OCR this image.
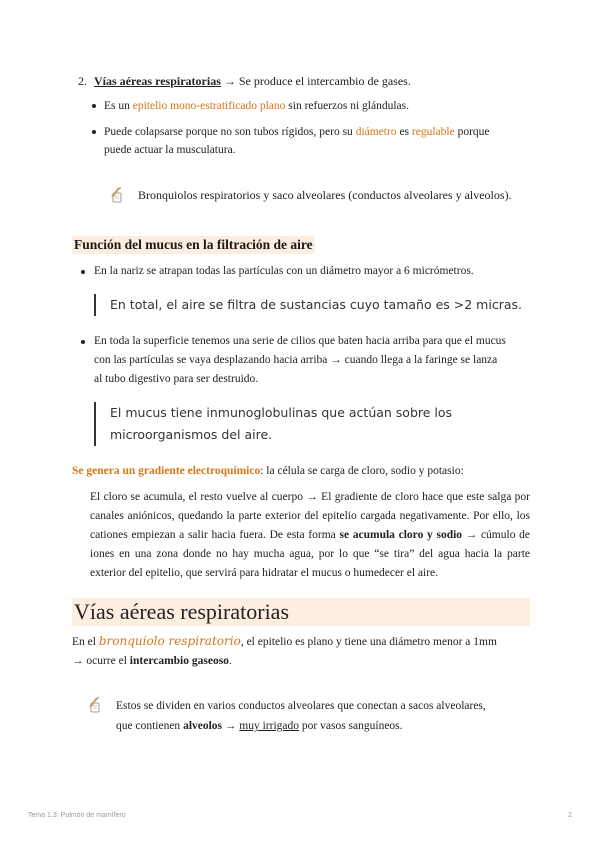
2. Vías aéreas respiratorias → Se produce el intercambio de gases.
Es un epitelio mono-estratificado plano sin refuerzos ni glándulas.
Puede colapsarse porque no son tubos rígidos, pero su diámetro es regulable porque
puede actuar la musculatura.
Bronquiolos respiratorios y saco alveolares (conductos alveolares y alveolos).
Función del mucus en la filtración de aire
En la nariz se atrapan todas las partículas con un diámetro mayor a 6 micrómetros.
En total, el aire se filtra de sustancias cuyo tamaño es >2 micras.
En toda la superficie tenemos una serie de cilios que baten hacia arriba para que el mucus
con las partículas se vaya desplazando hacia arriba → cuando llega a la faringe se lanza
al tubo digestivo para ser destruido.
El mucus tiene inmunoglobulinas que actúan sobre los
microorganismos del aire.
Se genera un gradiente electroquímico: la célula se carga de cloro, sodio y potasio:
El cloro se acumula, el resto vuelve al cuerpo → El gradiente de cloro hace que este salga por canales aniónicos, quedando la parte exterior del epitelio cargada negativamente. Por ello, los cationes empiezan a salir hacia fuera. De esta forma se acumula cloro y sodio → cúmulo de iones en una zona donde no hay mucha agua, por lo que “se tira” del agua hacia la parte exterior del epitelio, que servirá para hidratar el mucus o humedecer el aire.
Vías aéreas respiratorias
En el bronquiolo respiratorio, el epitelio es plano y tiene una diámetro menor a 1mm
→ ocurre el intercambio gaseoso.
Estos se dividen en varios conductos alveolares que conectan a sacos alveolares,
que contienen alveolos → muy irrigado por vasos sanguíneos.
Tema 1.3. Pulmón de mamífero	2
